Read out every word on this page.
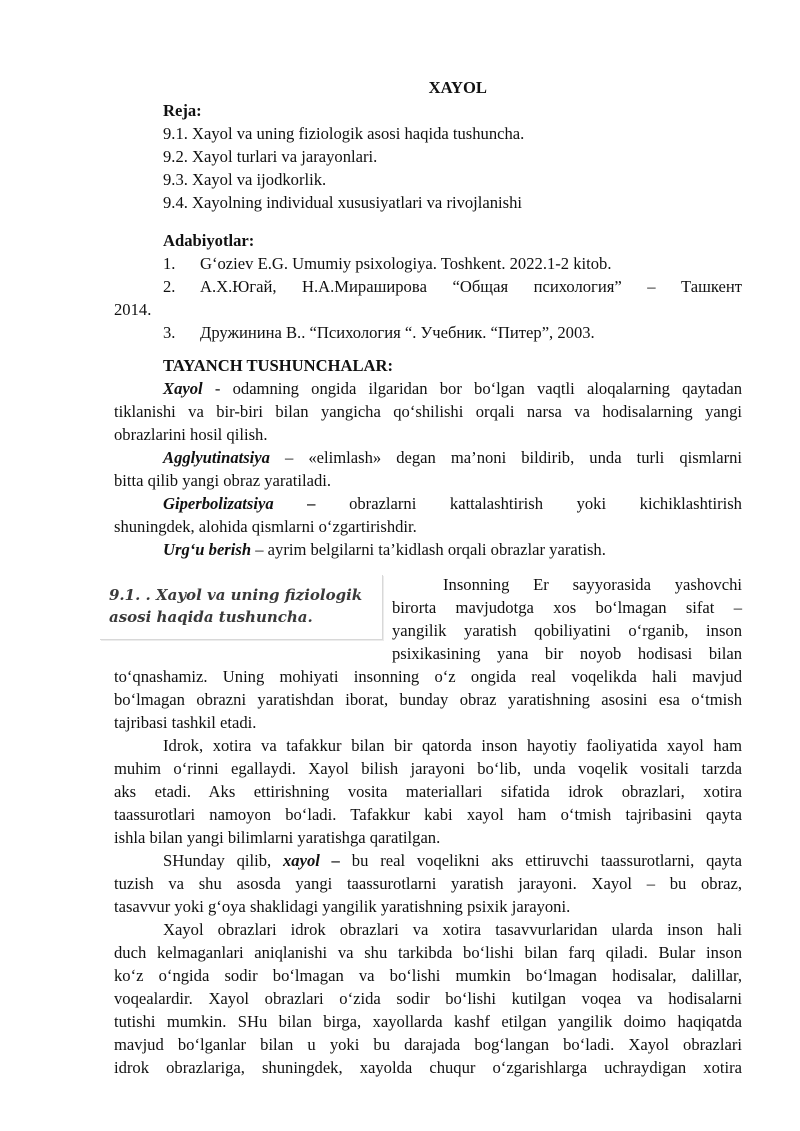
XAYOL
Reja:
9.1. Xayol va uning fiziologik asosi haqida tushuncha.
9.2. Xayol turlari va jarayonlari.
9.3. Xayol va ijodkorlik.
9.4. Xayolning individual xususiyatlari va rivojlanishi
Adabiyotlar:
1.	G‘oziev E.G. Umumiy psixologiya. Toshkent. 2022.1-2 kitob.
2.	А.Х.Югай, Н.А.Мирашировa “Общая психология” – Ташкент
2014.
3.	Дружинина В.. “Психология “. Учебник. “Питер”, 2003.
TAYANCH TUSHUNCHALAR:
Xayol - odamning ongida ilgaridan bor bo‘lgan vaqtli aloqalarning qaytadan
tiklanishi va bir-biri bilan yangicha qo‘shilishi orqali narsa va hodisalarning yangi
obrazlarini hosil qilish.
Agglyutinatsiya – «elimlash» degan ma’noni bildirib, unda turli qismlarni
bitta qilib yangi obraz yaratiladi.
Giperbolizatsiya – obrazlarni kattalashtirish yoki kichiklashtirish
shuningdek, alohida qismlarni o‘zgartirishdir.
Urg‘u berish – ayrim belgilarni ta’kidlash orqali obrazlar yaratish.
9.1. . Xayol va uning fiziologik
asosi haqida tushuncha.
Insonning Er sayyorasida yashovchi
birorta mavjudotga xos bo‘lmagan sifat –
yangilik yaratish qobiliyatini o‘rganib, inson
psixikasining yana bir noyob hodisasi bilan
to‘qnashamiz. Uning mohiyati insonning o‘z ongida real voqelikda hali mavjud
bo‘lmagan obrazni yaratishdan iborat, bunday obraz yaratishning asosini esa o‘tmish
tajribasi tashkil etadi.
Idrok, xotira va tafakkur bilan bir qatorda inson hayotiy faoliyatida xayol ham
muhim o‘rinni egallaydi. Xayol bilish jarayoni bo‘lib, unda voqelik vositali tarzda
aks etadi. Aks ettirishning vosita materiallari sifatida idrok obrazlari, xotira
taassurotlari namoyon bo‘ladi. Tafakkur kabi xayol ham o‘tmish tajribasini qayta
ishla bilan yangi bilimlarni yaratishga qaratilgan.
SHunday qilib, xayol – bu real voqelikni aks ettiruvchi taassurotlarni, qayta
tuzish va shu asosda yangi taassurotlarni yaratish jarayoni. Xayol – bu obraz,
tasavvur yoki g‘oya shaklidagi yangilik yaratishning psixik jarayoni.
Xayol obrazlari idrok obrazlari va xotira tasavvurlaridan ularda inson hali
duch kelmaganlari aniqlanishi va shu tarkibda bo‘lishi bilan farq qiladi. Bular inson
ko‘z o‘ngida sodir bo‘lmagan va bo‘lishi mumkin bo‘lmagan hodisalar, dalillar,
voqealardir. Xayol obrazlari o‘zida sodir bo‘lishi kutilgan voqea va hodisalarni
tutishi mumkin. SHu bilan birga, xayollarda kashf etilgan yangilik doimo haqiqatda
mavjud bo‘lganlar bilan u yoki bu darajada bog‘langan bo‘ladi. Xayol obrazlari
idrok obrazlariga, shuningdek, xayolda chuqur o‘zgarishlarga uchraydigan xotira
